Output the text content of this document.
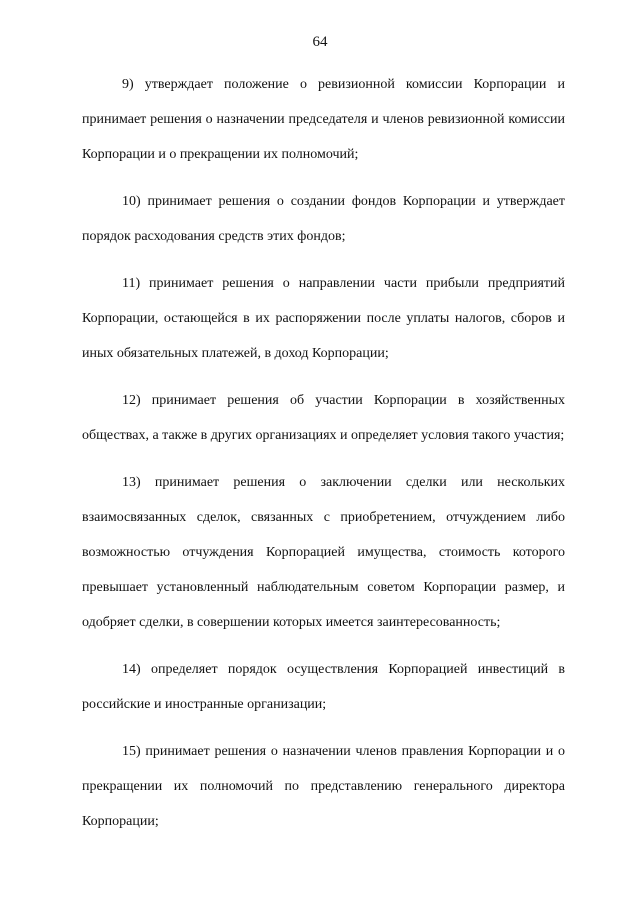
64

9) утверждает положение о ревизионной комиссии Корпорации и принимает решения о назначении председателя и членов ревизионной комиссии Корпорации и о прекращении их полномочий;

10) принимает решения о создании фондов Корпорации и утверждает порядок расходования средств этих фондов;

11) принимает решения о направлении части прибыли предприятий Корпорации, остающейся в их распоряжении после уплаты налогов, сборов и иных обязательных платежей, в доход Корпорации;

12) принимает решения об участии Корпорации в хозяйственных обществах, а также в других организациях и определяет условия такого участия;

13) принимает решения о заключении сделки или нескольких взаимосвязанных сделок, связанных с приобретением, отчуждением либо возможностью отчуждения Корпорацией имущества, стоимость которого превышает установленный наблюдательным советом Корпорации размер, и одобряет сделки, в совершении которых имеется заинтересованность;

14) определяет порядок осуществления Корпорацией инвестиций в российские и иностранные организации;

15) принимает решения о назначении членов правления Корпорации и о прекращении их полномочий по представлению генерального директора Корпорации;
